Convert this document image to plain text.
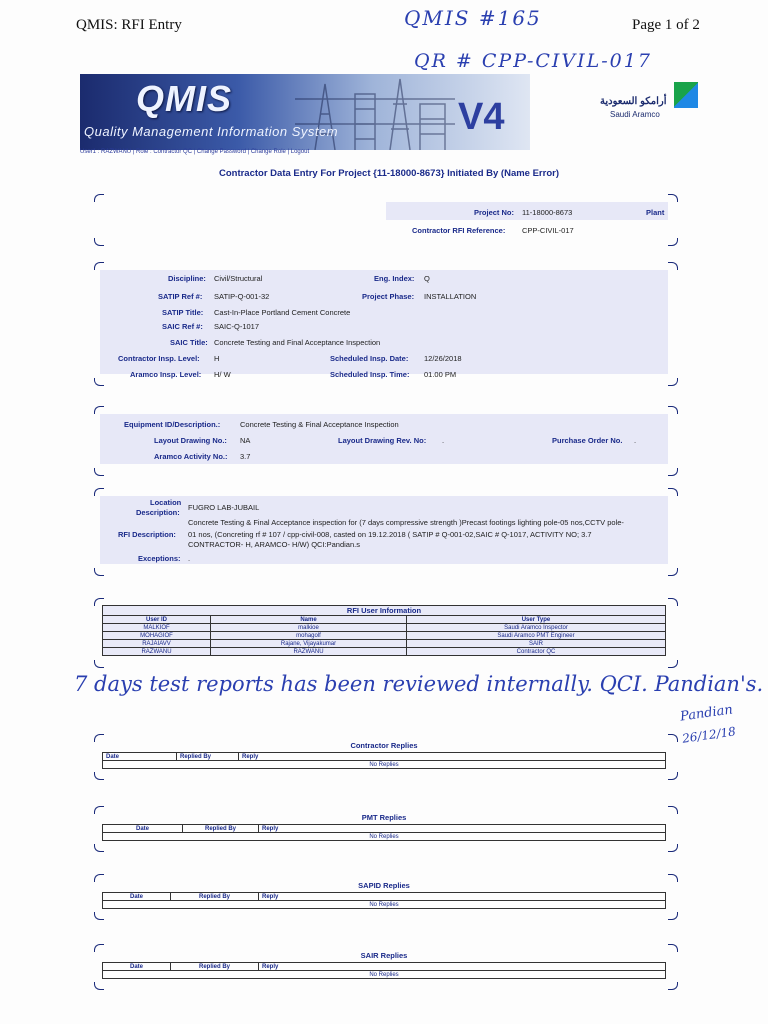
QMIS: RFI Entry	Page 1 of 2
QMIS #165
QR # CPP-CIVIL-017
QMIS
Quality Management Information System	V4	أرامكو السعودية
Saudi Aramco
User1 : RAZWANU | Role : Contractor QC | Change Password | Change Role | Logout
Contractor Data Entry For Project {11-18000-8673} Initiated By (Name Error)
Project No: 11-18000-8673	Plant
Contractor RFI Reference: CPP-CIVIL-017
Discipline: Civil/Structural	Eng. Index: Q
SATIP Ref #: SATIP-Q-001-32	Project Phase: INSTALLATION
SATIP Title: Cast-In-Place Portland Cement Concrete
SAIC Ref #: SAIC-Q-1017
SAIC Title: Concrete Testing and Final Acceptance Inspection
Contractor Insp. Level: H	Scheduled Insp. Date: 12/26/2018
Aramco Insp. Level: H/ W	Scheduled Insp. Time: 01.00 PM
Equipment ID/Description.:	Concrete Testing & Final Acceptance Inspection
Layout Drawing No.: NA	Layout Drawing Rev. No: .	Purchase Order No. .
Aramco Activity No.: 3.7
Location
Description:
FUGRO LAB-JUBAIL
Concrete Testing & Final Acceptance inspection for (7 days compressive strength )Precast footings lighting pole-05 nos,CCTV pole-
RFI Description: 01 nos, (Concreting rf # 107 / cpp-civil-008, casted on 19.12.2018 ( SATIP # Q-001-02,SAIC # Q-1017, ACTIVITY NO; 3.7
CONTRACTOR- H, ARAMCO- H/W) QCI:Pandian.s
Exceptions: .
RFI User Information		
User ID	Name	User Type
MALKIOF	malkioe	Saudi Aramco Inspector
MOHAGIOF	mohagolf	Saudi Aramco PMT Engineer
RAJAIAVV	Rajane, Vijayakumar	SAIR
RAZWANU	RAZWANU	Contractor QC
7 days test reports has been reviewed internally. QCI. Pandian's.
Pandian
26/12/18
Contractor Replies
Date	Replied By	Reply
No Replies
PMT Replies
Date	Replied By	Reply
No Replies
SAPID Replies
Date	Replied By	Reply
No Replies
SAIR Replies
Date	Replied By	Reply
No Replies
